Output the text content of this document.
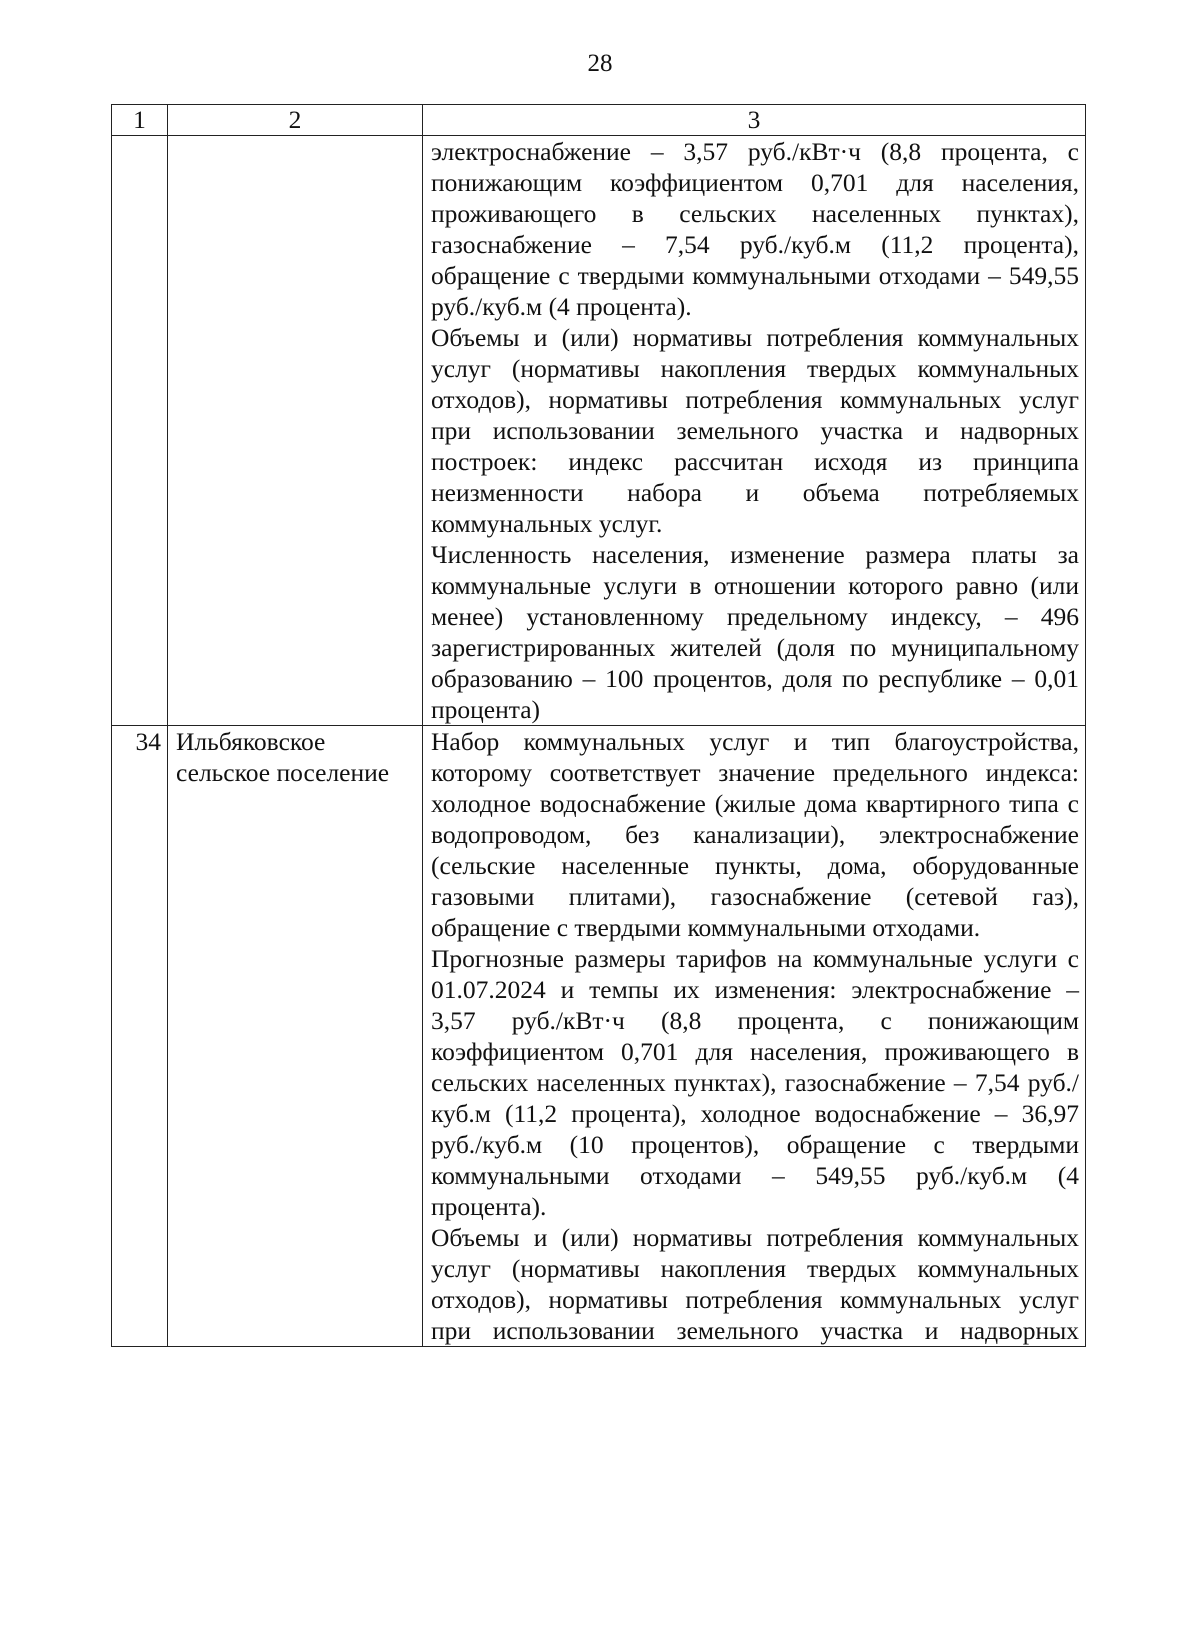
28
1	2	3

		электроснабжение – 3,57 руб./кВт·ч (8,8 процента, с понижающим коэффициентом 0,701 для населения, проживающего в сельских населенных пунктах), газоснабжение – 7,54 руб./куб.м (11,2 процента), обращение с твердыми коммунальными отходами – 549,55 руб./куб.м (4 процента).

Объемы и (или) нормативы потребления коммунальных услуг (нормативы накопления твердых коммунальных отходов), нормативы потребления коммунальных услуг при использовании земельного участка и надворных построек: индекс рассчитан исходя из принципа неизменности набора и объема потребляемых коммунальных услуг.

Численность населения, изменение размера платы за коммунальные услуги в отношении которого равно (или менее) установленному предельному индексу, – 496 зарегистрированных жителей (доля по муниципальному образованию – 100 процентов, доля по республике – 0,01 процента)

34	Ильбяковское сельское поселение	Набор коммунальных услуг и тип благоустройства, которому соответствует значение предельного индекса: холодное водоснабжение (жилые дома квартирного типа с водопроводом, без канализации), электроснабжение (сельские населенные пункты, дома, оборудованные газовыми плитами), газоснабжение (сетевой газ), обращение с твердыми коммунальными отходами.

Прогнозные размеры тарифов на коммунальные услуги с 01.07.2024 и темпы их изменения: электроснабжение – 3,57 руб./кВт·ч (8,8 процента, с понижающим коэффициентом 0,701 для населения, проживающего в сельских населенных пунктах), газоснабжение – 7,54 руб./куб.м (11,2 процента), холодное водоснабжение – 36,97 руб./куб.м (10 процентов), обращение с твердыми коммунальными отходами – 549,55 руб./куб.м (4 процента).

Объемы и (или) нормативы потребления коммунальных услуг (нормативы накопления твердых коммунальных отходов), нормативы потребления коммунальных услуг при использовании земельного участка и надворных
